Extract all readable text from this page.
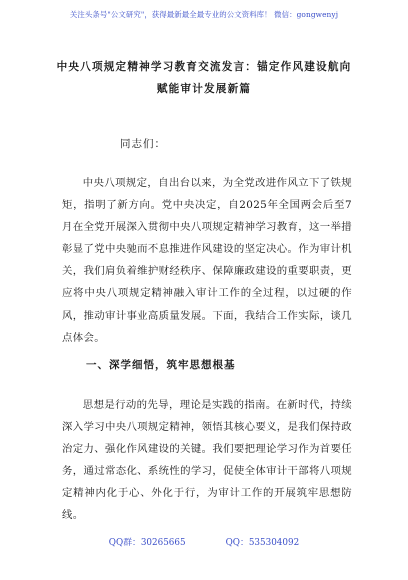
关注头条号"公文研究"，获得最新最全最专业的公文资料库！ 微信：gongwenyj
中央八项规定精神学习教育交流发言：锚定作风建设航向
赋能审计发展新篇
同志们：

中央八项规定，自出台以来，为全党改进作风立下了铁规矩，指明了新方向。党中央决定，自2025年全国两会后至7月在全党开展深入贯彻中央八项规定精神学习教育，这一举措彰显了党中央驰而不息推进作风建设的坚定决心。作为审计机关，我们肩负着维护财经秩序、保障廉政建设的重要职责，更应将中央八项规定精神融入审计工作的全过程，以过硬的作风，推动审计事业高质量发展。下面，我结合工作实际，谈几点体会。

一、深学细悟，筑牢思想根基

思想是行动的先导，理论是实践的指南。在新时代，持续深入学习中央八项规定精神，领悟其核心要义，是我们保持政治定力、强化作风建设的关键。我们要把理论学习作为首要任务，通过常态化、系统性的学习，促使全体审计干部将八项规定精神内化于心、外化于行，为审计工作的开展筑牢思想防线。

QQ群：30265665	QQ：535304092
